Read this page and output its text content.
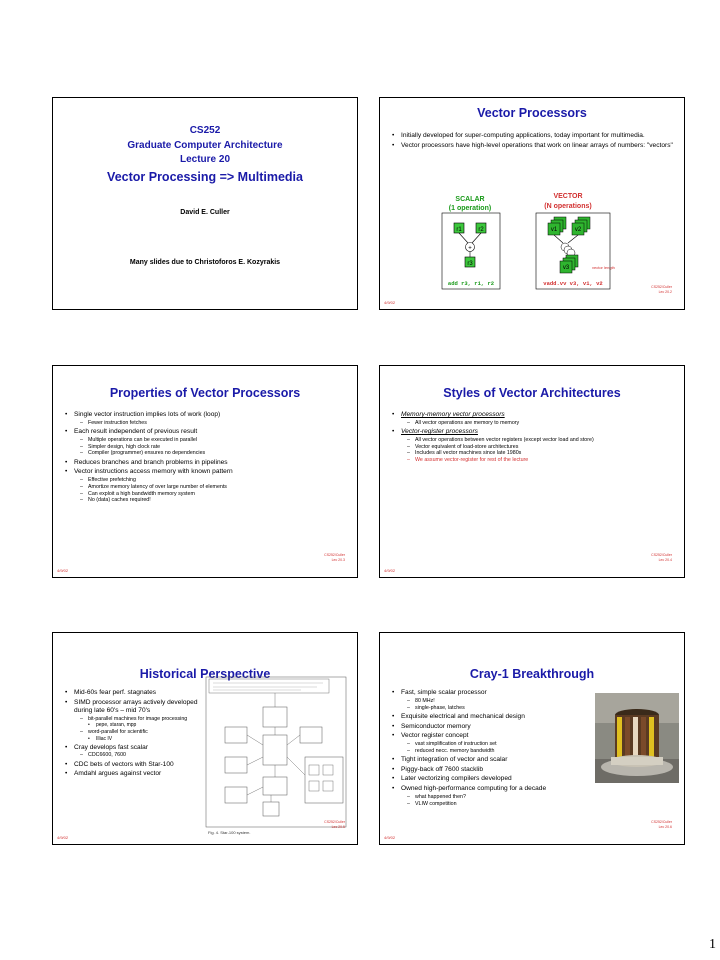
CS252
Graduate Computer Architecture
Lecture 20
Vector Processing => Multimedia
David E. Culler
Many slides due to Christoforos E. Kozyrakis
Vector Processors
• Initially developed for super-computing applications, today important for multimedia.
• Vector processors have high-level operations that work on linear arrays of numbers: "vectors"
SCALAR
(1 operation)
VECTOR
(N operations)
r1	r2
+
r3
v1	v2
v3	vector length
add r3, r1, r2	vadd.vv v3, v1, v2	CS252/Culler
Lec 20.2
4/9/02
Properties of Vector Processors
• Single vector instruction implies lots of work (loop)
– Fewer instruction fetches
• Each result independent of previous result
– Multiple operations can be executed in parallel
– Simpler design, high clock rate
– Compiler (programmer) ensures no dependencies
• Reduces branches and branch problems in pipelines
• Vector instructions access memory with known pattern
– Effective prefetching
– Amortize memory latency of over large number of elements
– Can exploit a high bandwidth memory system
– No (data) caches required!
CS252/Culler
Lec 20.3
4/9/02
Styles of Vector Architectures
• Memory-memory vector processors
– All vector operations are memory to memory
• Vector-register processors
– All vector operations between vector registers (except vector load and store)
– Vector equivalent of load-store architectures
– Includes all vector machines since late 1980s
– We assume vector-register for rest of the lecture
CS252/Culler
Lec 20.4
4/9/02
Historical Perspective
• Mid-60s fear perf. stagnates
• SIMD processor arrays actively developed during late 60's – mid 70's
– bit-parallel machines for image processing
• pepe, staran, mpp
– word-parallel for scientific
• Illiac IV
• Cray develops fast scalar
– CDC6600, 7600
• CDC bets of vectors with Star-100
• Amdahl argues against vector
Fig. 4. Star-100 system.
CS252/Culler
Lec 20.5
4/9/02
Cray-1 Breakthrough
• Fast, simple scalar processor
– 80 MHz!
– single-phase, latches
• Exquisite electrical and mechanical design
• Semiconductor memory
• Vector register concept
– vast simplification of instruction set
– reduced necc. memory bandwidth
• Tight integration of vector and scalar
• Piggy-back off 7600 stacklib
• Later vectorizing compilers developed
• Owned high-performance computing for a decade
– what happened then?
– VLIW competition
CS252/Culler
Lec 20.6
4/9/02
1
